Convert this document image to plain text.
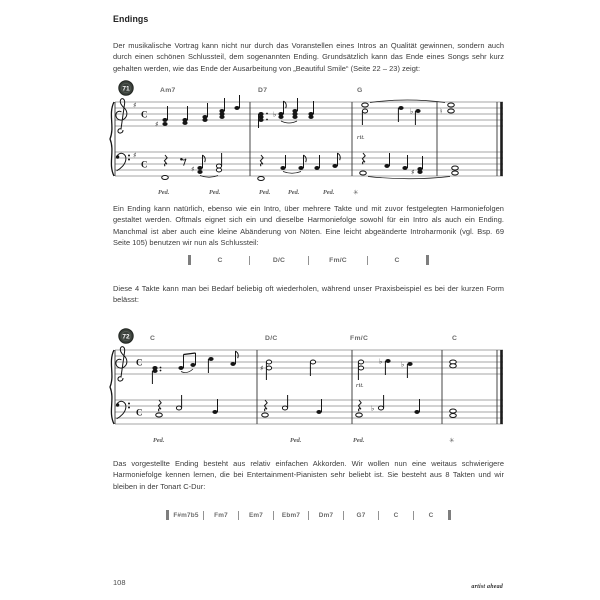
Endings
Der musikalische Vortrag kann nicht nur durch das Voranstellen eines Intros an Qualität gewinnen, sondern auch durch einen schönen Schlussteil, dem sogenannten Ending. Grundsätzlich kann das Ende eines Songs sehr kurz gehalten werden, wie das Ende der Ausarbeitung von „Beautiful Smile“ (Seite 22 – 23) zeigt:
71	Am7	D7	G
♯
C
♯
C
♯
♭	♭
rit.
♮
♯	♯
Ped.	Ped.	Ped.	Ped.	Ped.	✳
Ein Ending kann natürlich, ebenso wie ein Intro, über mehrere Takte und mit zuvor festgelegten Harmoniefolgen gestaltet werden. Oftmals eignet sich ein und dieselbe Harmoniefolge sowohl für ein Intro als auch ein Ending. Manchmal ist aber auch eine kleine Abänderung von Nöten. Eine leicht abgeänderte Introharmonik (vgl. Bsp. 69 Seite 105) benutzen wir nun als Schlussteil:
C	D/C	Fm/C	C
Diese 4 Takte kann man bei Bedarf beliebig oft wiederholen, während unser Praxisbeispiel es bei der kurzen Form belässt:
72	C	D/C	Fm/C	C
C
C
♯
♭	♭
rit.
♭
Ped.	Ped.	Ped.	✳
Das vorgestellte Ending besteht aus relativ einfachen Akkorden. Wir wollen nun eine weitaus schwierigere Harmoniefolge kennen lernen, die bei Entertainment-Pianisten sehr beliebt ist. Sie besteht aus 8 Takten und wir bleiben in der Tonart C-Dur:
F#m7b5	Fm7	Em7	Ebm7	Dm7	G7	C	C
108	artist ahead
